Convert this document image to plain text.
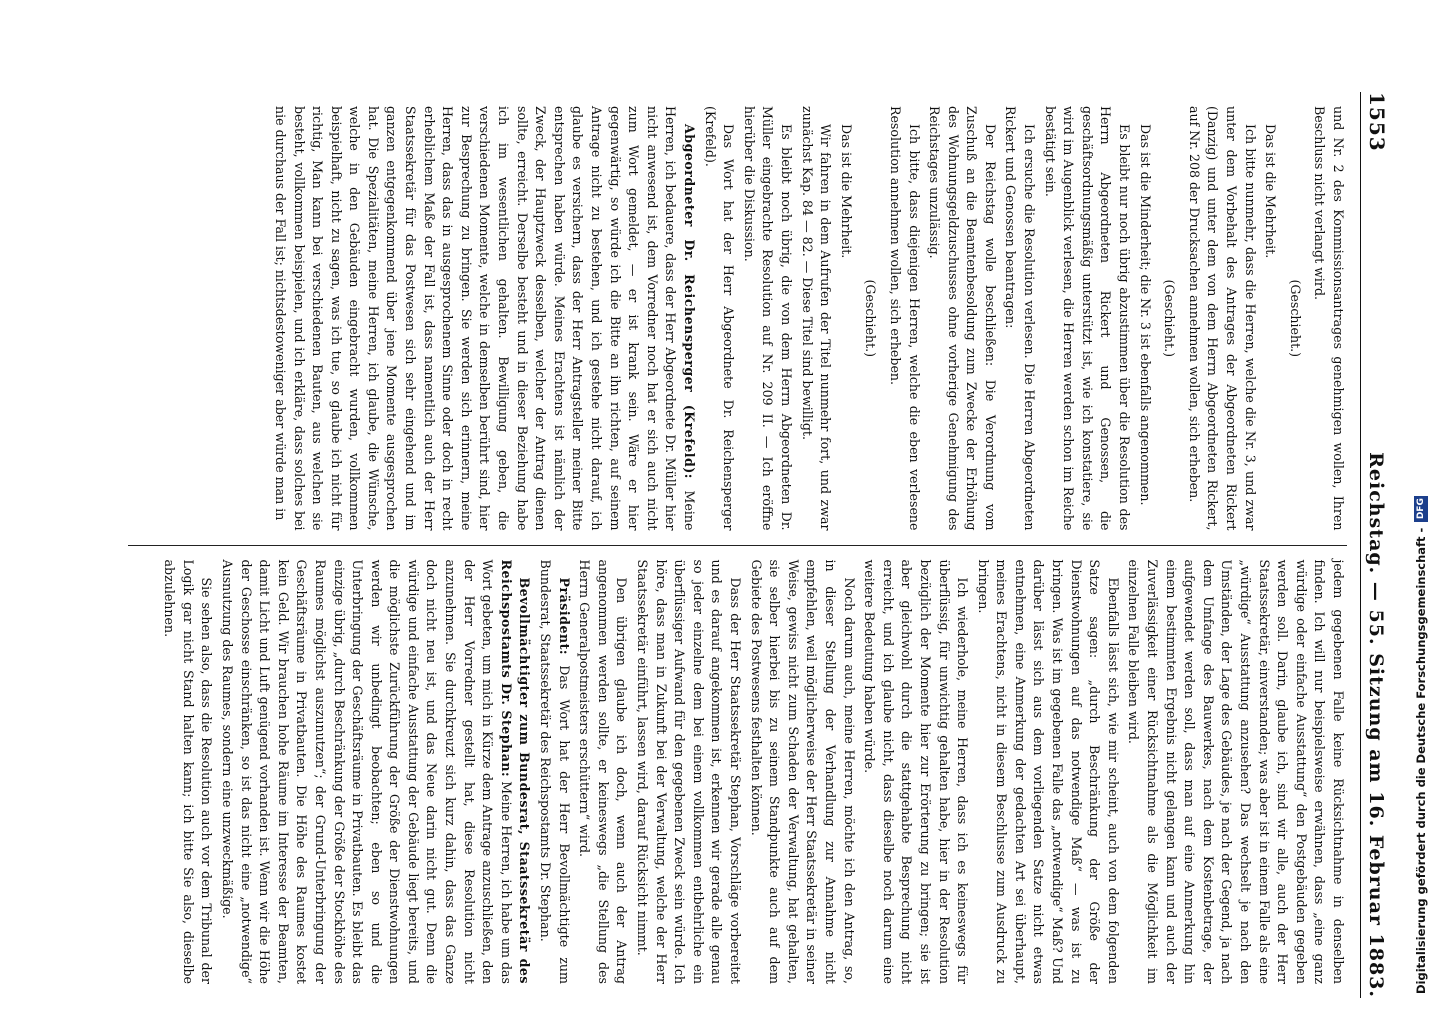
1553
Reichstag. — 55. Sitzung am 16. Februar 1883.

und Nr. 2 des Kommissionsantrages genehmigen wollen, Ihren Beschluss nicht verlangt wird.

(Geschieht.)

Das ist die Mehrheit.

Ich bitte nunmehr, dass die Herren, welche die Nr. 3, und zwar unter dem Vorbehalt des Antrages der Abgeordneten Rickert (Danzig) und unter dem von dem Herrn Abgeordneten Rickert, auf Nr. 208 der Drucksachen annehmen wollen, sich erheben.

(Geschieht.)

Das ist die Minderheit; die Nr. 3 ist ebenfalls angenommen.

Es bleibt nur noch übrig abzustimmen über die Resolution des Herrn Abgeordneten Rickert und Genossen, die geschäftsordnungsmäßig unterstützt ist, wie ich konstatiere, sie wird im Augenblick verlesen, die Herren werden schon im Reiche bestätigt sein.

Ich ersuche die Resolution verlesen. Die Herren Abgeordneten Rickert und Genossen beantragen:

Der Reichstag wolle beschließen: Die Verordnung vom Zuschuß an die Beamtenbesoldung zum Zwecke der Erhöhung des Wohnungsgeldzuschusses ohne vorherige Genehmigung des Reichstages unzulässig.

Ich bitte, dass diejenigen Herren, welche die eben verlesene Resolution annehmen wollen, sich erheben.

(Geschieht.)

Das ist die Mehrheit.

Wir fahren in dem Aufrufen der Titel nunmehr fort, und zwar zunächst Kap. 84 — 82. — Diese Titel sind bewilligt.

Es bleibt noch übrig, die von dem Herrn Abgeordneten Dr. Müller eingebrachte Resolution auf Nr. 209 II. — Ich eröffne hierüber die Diskussion.

Das Wort hat der Herr Abgeordnete Dr. Reichensperger (Krefeld).

Abgeordneter Dr. Reichensperger (Krefeld): Meine Herren, ich bedauere, dass der Herr Abgeordnete Dr. Müller hier nicht anwesend ist, dem Vorredner noch hat er sich auch nicht zum Wort gemeldet, — er ist krank sein. Wäre er hier gegenwärtig, so würde ich die Bitte an ihn richten, auf seinem Antrage nicht zu bestehen, und ich gestehe nicht darauf, ich glaube es versichern, dass der Herr Antragsteller meiner Bitte entsprechen haben würde. Meines Erachtens ist nämlich der Zweck, der Hauptzweck desselben, welcher der Antrag dienen sollte, erreicht. Derselbe besteht und in dieser Beziehung habe ich im wesentlichen gehalten. Bewilligung geben, die verschiedenen Momente, welche in demselben berührt sind, hier zur Besprechung zu bringen. Sie werden sich erinnern, meine Herren, dass das in ausgesprochenem Sinne oder doch in recht erheblichem Maße der Fall ist, dass namentlich auch der Herr Staatssekretär für das Postwesen sich sehr eingehend und im ganzen entgegenkommend über jene Momente ausgesprochen hat. Die Spezialitäten, meine Herren, ich glaube, die Wünsche, welche in den Gebäuden eingebracht wurden, vollkommen beispielhaft, nicht zu sagen, was ich tue, so glaube ich nicht für richtig, Man kann bei verschiedenen Bauten, aus welchen sie besteht, vollkommen beispielen, und ich erkläre, dass solches bei nie durchaus der Fall ist; nichtsdestoweniger aber würde man in

jedem gegebenen Falle keine Rücksichtnahme in denselben finden. Ich will nur beispielsweise erwähnen, dass „eine ganz würdige oder einfache Ausstattung“ den Postgebäuden gegeben werden soll. Darin, glaube ich, sind wir alle, auch der Herr Staatssekretär, einverstanden; was aber ist in einem Falle als eine „würdige“ Ausstattung anzusehen? Das wechselt je nach den Umständen, der Lage des Gebäudes, je nach der Gegend, ja nach dem Umfange des Bauwerkes, nach dem Kostenbetrage, der aufgewendet werden soll, dass man auf eine Anmerkung hin einem bestimmten Ergebnis nicht gelangen kann und auch der Zuverlässigkeit einer Rücksichtnahme als die Möglichkeit im einzelnen Falle bleiben wird.

Ebenfalls lässt sich, wie mir scheint, auch von dem folgenden Satze sagen: „durch Beschränkung der Größe der Dienstwohnungen auf das notwendige Maß“ — was ist zu bringen. Was ist im gegebenen Falle das „notwendige“ Maß? Und darüber lässt sich aus dem vorliegenden Satze nicht etwas entnehmen, eine Anmerkung der gedachten Art sei überhaupt, meines Erachtens, nicht in diesem Beschlusse zum Ausdruck zu bringen.

Ich wiederhole, meine Herren, dass ich es keineswegs für überflüssig, für unwichtig gehalten habe, hier in der Resolution bezüglich der Momente hier zur Erörterung zu bringen; sie ist aber gleichwohl durch die stattgehabte Besprechung nicht erreicht, und ich glaube nicht, dass dieselbe noch darum eine weitere Bedeutung haben würde.

Noch darum auch, meine Herren, möchte ich den Antrag, so, in dieser Stellung der Verhandlung zur Annahme nicht empfehlen, weil möglicherweise der Herr Staatssekretär in seiner Weise, gewiss nicht zum Schaden der Verwaltung, hat gehalten, sie selber hierbei bis zu seinem Standpunkte auch auf dem Gebiete des Postwesens festhalten können.

Dass der Herr Staatssekretär Stephan, Vorschläge vorbereitet und es darauf angekommen ist, erkennen wir gerade alle genau so jeder einzelne dem bei einem vollkommen entbehrliche ein überflüssiger Aufwand für den gegebenen Zweck sein würde. Ich höre, dass man in Zukunft bei der Verwaltung, welche der Herr Staatssekretär einführt, lassen wird, darauf Rücksicht nimmt.

Den übrigen glaube ich doch, wenn auch der Antrag angenommen werden sollte, er keineswegs „die Stellung des Herrn Generalpostmeisters erschüttern“ wird.

Präsident: Das Wort hat der Herr Bevollmächtigte zum Bundesrat, Staatssekretär des Reichspostamts Dr. Stephan.

Bevollmächtigter zum Bundesrat, Staatssekretär des Reichspostamts Dr. Stephan: Meine Herren, ich habe um das Wort gebeten, um mich in Kürze dem Antrage anzuschließen, den der Herr Vorredner gestellt hat, diese Resolution nicht anzunehmen. Sie durchkreuzt sich kurz dahin, dass das Ganze doch nicht neu ist, und das Neue darin nicht gut. Denn die würdige und einfache Ausstattung der Gebäude liegt bereits, und die möglichste Zurückführung der Größe der Dienstwohnungen werden wir unbedingt beobachten; eben so und die Unterbringung der Geschäftsräume in Privatbauten. Es bleibt das einzige übrig, „durch Beschränkung der Größe der Stockhöhe des Raumes möglichst auszunutzen“; der Grund-Unterbringung der Geschäftsräume in Privatbauten. Die Höhe des Raumes kostet kein Geld. Wir brauchen hohe Räume im Interesse der Beamten, damit Licht und Luft genügend vorhanden ist. Wenn wir die Höhe der Geschosse einschränken, so ist das nicht eine „notwendige“ Ausnutzung des Raumes, sondern eine unzweckmäßige.

Sie sehen also, dass die Resolution auch vor dem Tribunal der Logik gar nicht Stand halten kann; ich bitte Sie also, dieselbe abzulehnen.	Digitalisierung gefördert durch die Deutsche Forschungsgemeinschaft -
DFG
